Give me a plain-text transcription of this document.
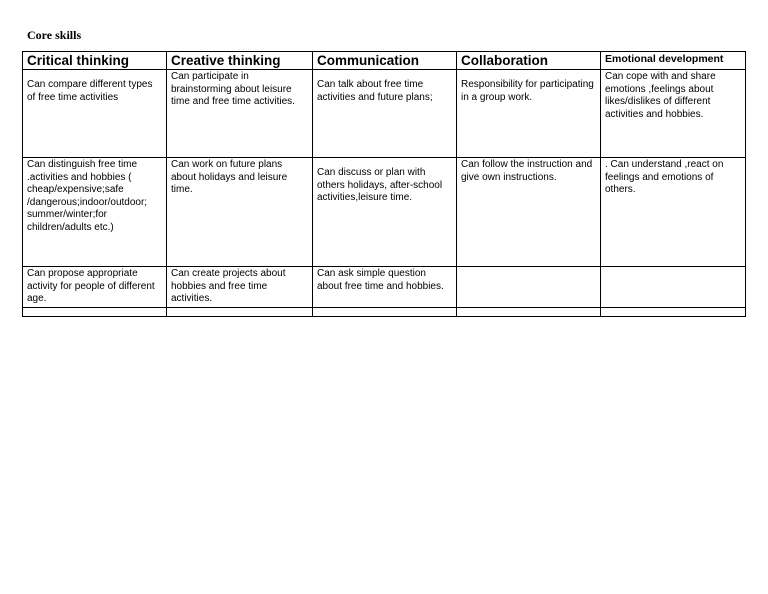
Core skills
Critical thinking	Creative thinking	Communication	Collaboration	Emotional development
Can compare different types of free time activities	Can participate in brainstorming about leisure time and free time activities.	Can talk about free time activities and future plans;	Responsibility for participating in a group work.	Can cope with and share emotions ,feelings about likes/dislikes of different activities and hobbies.
Can distinguish free time .activities and hobbies ( cheap/expensive;safe /dangerous;indoor/outdoor; summer/winter;for children/adults etc.)	Can work on future plans about holidays and leisure time.	Can discuss or plan with others holidays, after-school activities,leisure time.	Can follow the instruction and give own instructions.	. Can understand ,react on feelings and emotions of others.
Can propose appropriate activity for people of different age.	Can create projects about hobbies and free time activities.	Can ask simple question about free time and hobbies.		
